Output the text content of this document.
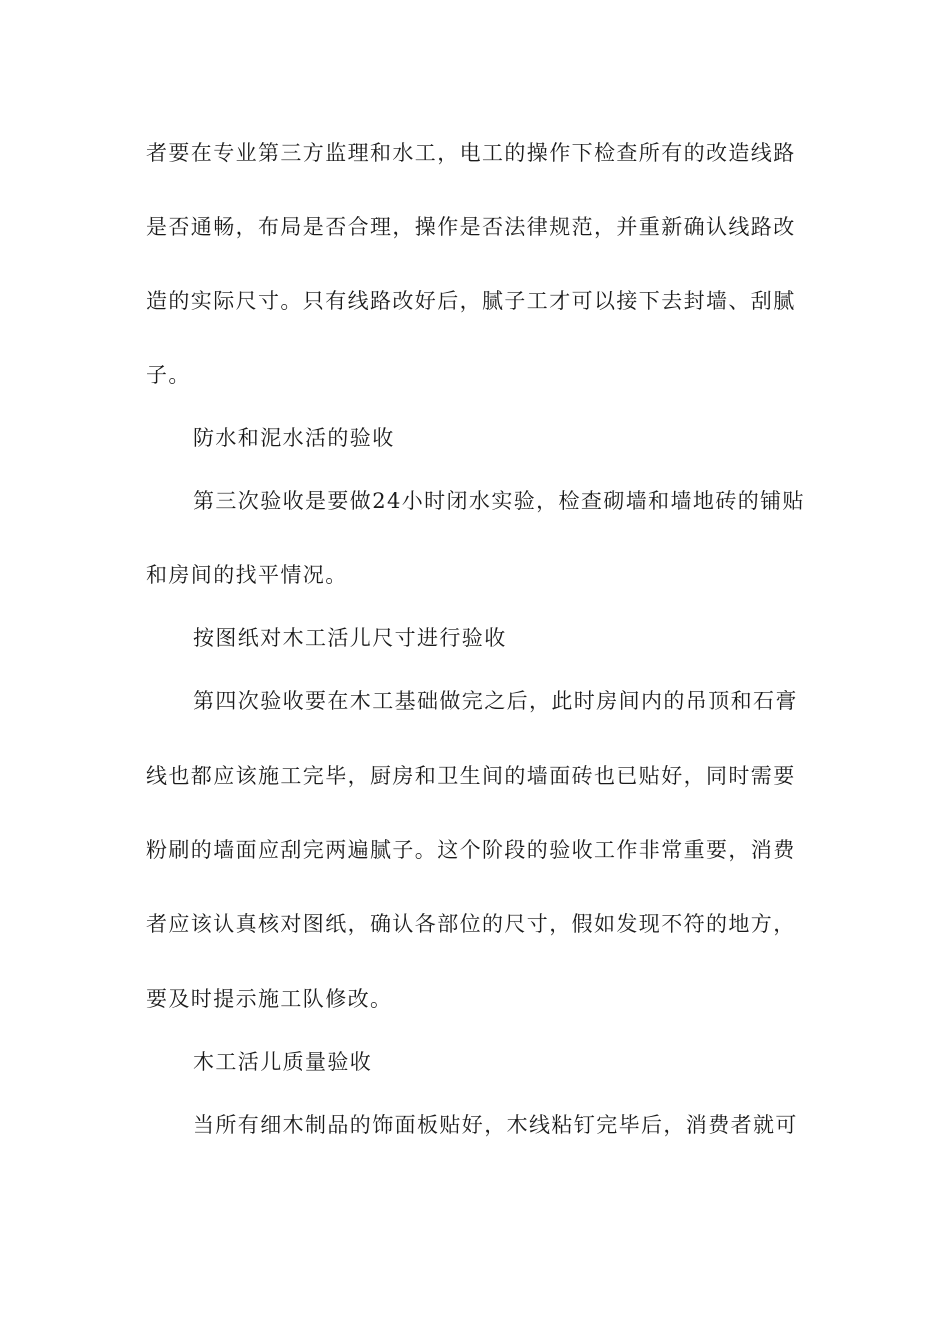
者要在专业第三方监理和水工，电工的操作下检查所有的改造线路
是否通畅，布局是否合理，操作是否法律规范，并重新确认线路改
造的实际尺寸。只有线路改好后，腻子工才可以接下去封墙、刮腻
子。
防水和泥水活的验收
第三次验收是要做24小时闭水实验，检查砌墙和墙地砖的铺贴
和房间的找平情况。
按图纸对木工活儿尺寸进行验收
第四次验收要在木工基础做完之后，此时房间内的吊顶和石膏
线也都应该施工完毕，厨房和卫生间的墙面砖也已贴好，同时需要
粉刷的墙面应刮完两遍腻子。这个阶段的验收工作非常重要，消费
者应该认真核对图纸，确认各部位的尺寸，假如发现不符的地方，
要及时提示施工队修改。
木工活儿质量验收
当所有细木制品的饰面板贴好，木线粘钉完毕后，消费者就可
